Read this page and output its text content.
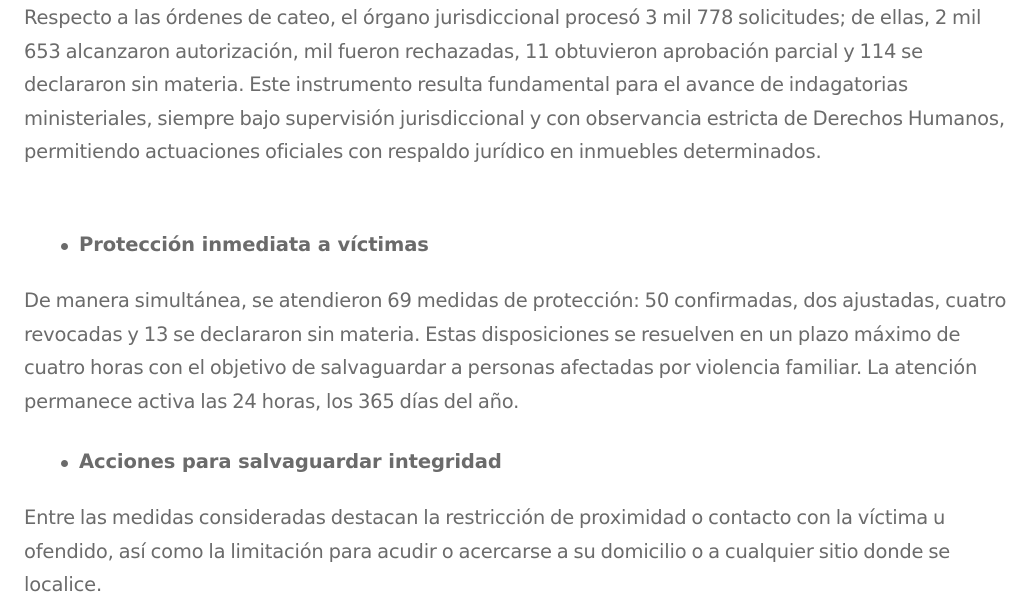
Respecto a las órdenes de cateo, el órgano jurisdiccional procesó 3 mil 778 solicitudes; de ellas, 2 mil 653 alcanzaron autorización, mil fueron rechazadas, 11 obtuvieron aprobación parcial y 114 se declararon sin materia. Este instrumento resulta fundamental para el avance de indagatorias ministeriales, siempre bajo supervisión jurisdiccional y con observancia estricta de Derechos Humanos, permitiendo actuaciones oficiales con respaldo jurídico en inmuebles determinados.

Protección inmediata a víctimas

De manera simultánea, se atendieron 69 medidas de protección: 50 confirmadas, dos ajustadas, cuatro revocadas y 13 se declararon sin materia. Estas disposiciones se resuelven en un plazo máximo de cuatro horas con el objetivo de salvaguardar a personas afectadas por violencia familiar. La atención permanece activa las 24 horas, los 365 días del año.

Acciones para salvaguardar integridad

Entre las medidas consideradas destacan la restricción de proximidad o contacto con la víctima u ofendido, así como la limitación para acudir o acercarse a su domicilio o a cualquier sitio donde se localice.
